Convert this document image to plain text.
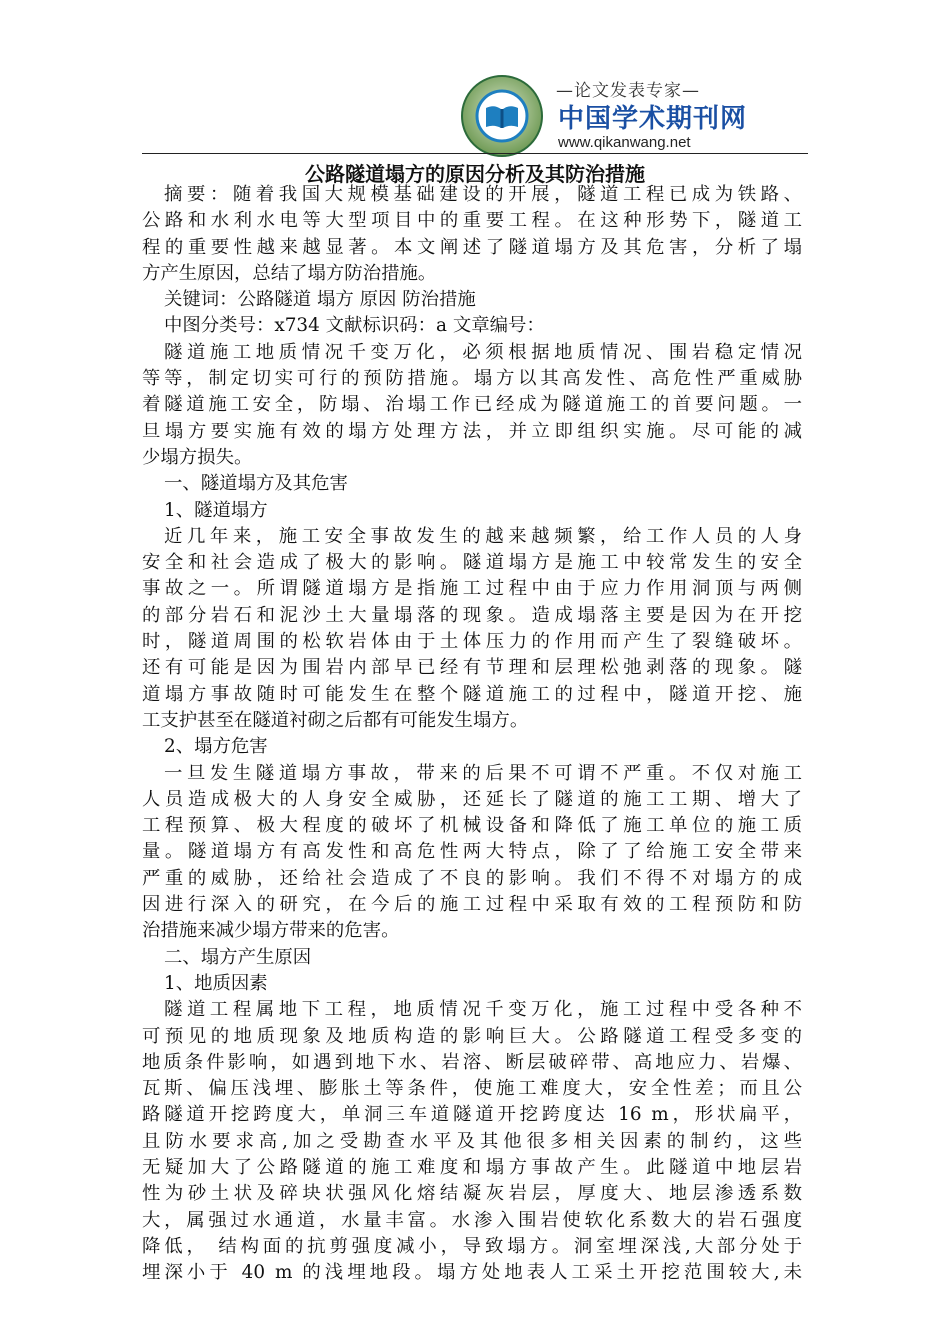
—论文发表专家—
中国学术期刊网
www.qikanwang.net
公路隧道塌方的原因分析及其防治措施
摘要：随着我国大规模基础建设的开展，隧道工程已成为铁路、
公路和水利水电等大型项目中的重要工程。在这种形势下，隧道工
程的重要性越来越显著。本文阐述了隧道塌方及其危害，分析了塌
方产生原因，总结了塌方防治措施。
关键词：公路隧道 塌方 原因 防治措施
中图分类号：x734 文献标识码：a 文章编号：
隧道施工地质情况千变万化，必须根据地质情况、围岩稳定情况
等等，制定切实可行的预防措施。塌方以其高发性、高危性严重威胁
着隧道施工安全，防塌、治塌工作已经成为隧道施工的首要问题。一
旦塌方要实施有效的塌方处理方法，并立即组织实施。尽可能的减
少塌方损失。
一、隧道塌方及其危害
1、隧道塌方
近几年来，施工安全事故发生的越来越频繁，给工作人员的人身
安全和社会造成了极大的影响。隧道塌方是施工中较常发生的安全
事故之一。所谓隧道塌方是指施工过程中由于应力作用洞顶与两侧
的部分岩石和泥沙土大量塌落的现象。造成塌落主要是因为在开挖
时，隧道周围的松软岩体由于土体压力的作用而产生了裂缝破坏。
还有可能是因为围岩内部早已经有节理和层理松弛剥落的现象。隧
道塌方事故随时可能发生在整个隧道施工的过程中，隧道开挖、施
工支护甚至在隧道衬砌之后都有可能发生塌方。
2、塌方危害
一旦发生隧道塌方事故，带来的后果不可谓不严重。不仅对施工
人员造成极大的人身安全威胁，还延长了隧道的施工工期、增大了
工程预算、极大程度的破坏了机械设备和降低了施工单位的施工质
量。隧道塌方有高发性和高危性两大特点，除了了给施工安全带来
严重的威胁，还给社会造成了不良的影响。我们不得不对塌方的成
因进行深入的研究，在今后的施工过程中采取有效的工程预防和防
治措施来减少塌方带来的危害。
二、塌方产生原因
1、地质因素
隧道工程属地下工程，地质情况千变万化，施工过程中受各种不
可预见的地质现象及地质构造的影响巨大。公路隧道工程受多变的
地质条件影响，如遇到地下水、岩溶、断层破碎带、高地应力、岩爆、
瓦斯、偏压浅埋、膨胀土等条件，使施工难度大，安全性差；而且公
路隧道开挖跨度大，单洞三车道隧道开挖跨度达 16 m，形状扁平，
且防水要求高,加之受勘查水平及其他很多相关因素的制约，这些
无疑加大了公路隧道的施工难度和塌方事故产生。此隧道中地层岩
性为砂土状及碎块状强风化熔结凝灰岩层，厚度大、地层渗透系数
大，属强过水通道，水量丰富。水渗入围岩使软化系数大的岩石强度
降低， 结构面的抗剪强度减小，导致塌方。洞室埋深浅,大部分处于
埋深小于 40 m 的浅埋地段。塌方处地表人工采土开挖范围较大,未
